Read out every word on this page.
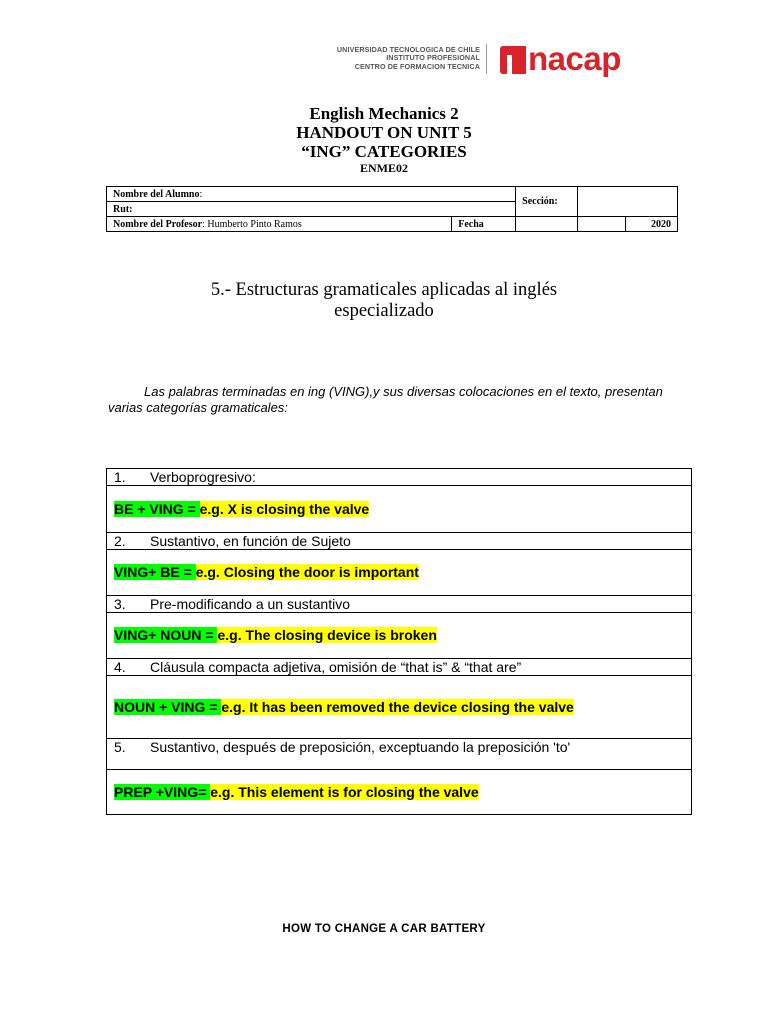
UNIVERSIDAD TECNOLOGICA DE CHILE
INSTITUTO PROFESIONAL
CENTRO DE FORMACION TECNICA nacap
English Mechanics 2
HANDOUT ON UNIT 5
“ING” CATEGORIES
ENME02
Nombre del Alumno:		Sección:		
Rut:				
Nombre del Profesor: Humberto Pinto Ramos	Fecha			2020
5.- Estructuras gramaticales aplicadas al inglés
especializado
Las palabras terminadas en ing (VING),y sus diversas colocaciones en el texto, presentan varias categorías gramaticales:
1. Verboprogresivo:
BE + VING = e.g. X is closing the valve
2. Sustantivo, en función de Sujeto
VING+ BE = e.g. Closing the door is important
3. Pre-modificando a un sustantivo
VING+ NOUN = e.g. The closing device is broken
4. Cláusula compacta adjetiva, omisión de “that is” & “that are”
NOUN + VING = e.g. It has been removed the device closing the valve
5. Sustantivo, después de preposición, exceptuando la preposición 'to'
PREP +VING= e.g. This element is for closing the valve
HOW TO CHANGE A CAR BATTERY
